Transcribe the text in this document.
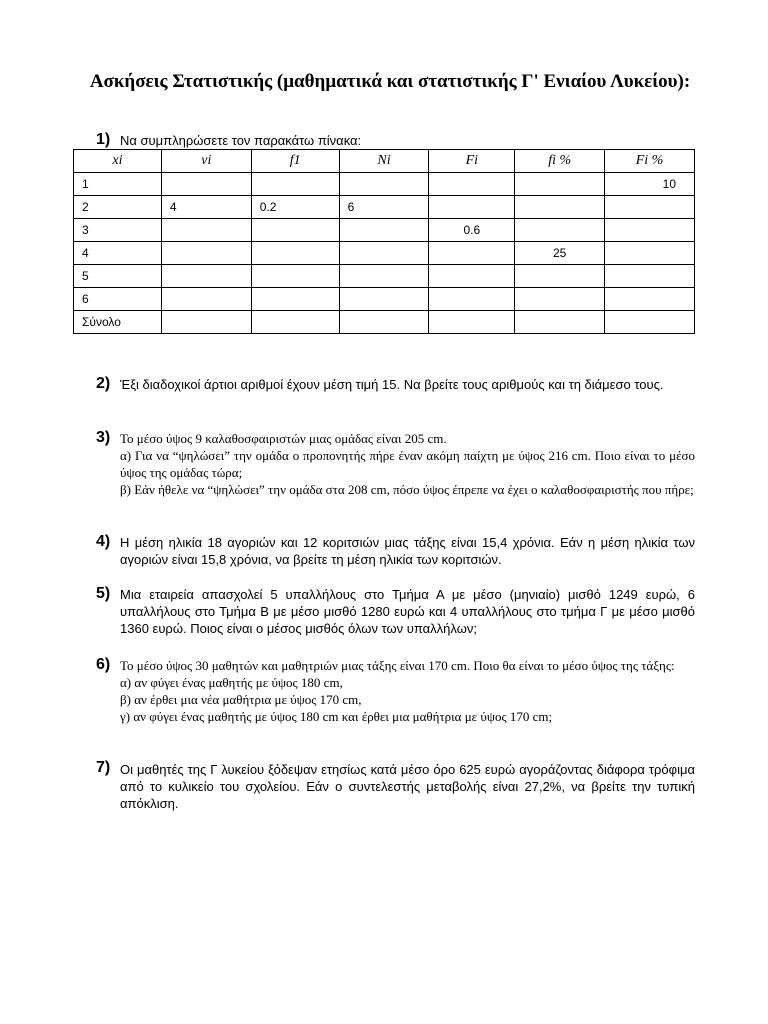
Ασκήσεις Στατιστικής (μαθηματικά και στατιστικής Γ' Ενιαίου Λυκείου):
1) Να συμπληρώσετε τον παρακάτω πίνακα:
xi	νi	f1	Ni	Fi	fi %	Fi %
1						10
2	4	0.2	6			
3				0.6		
4					25	
5						
6						
Σύνολο						
2) Έξι διαδοχικοί άρτιοι αριθμοί έχουν μέση τιμή 15. Να βρείτε τους αριθμούς και τη διάμεσο τους.

3) Το μέσο ύψος 9 καλαθοσφαιριστών μιας ομάδας είναι 205 cm.

α) Για να “ψηλώσει” την ομάδα ο προπονητής πήρε έναν ακόμη παίχτη με ύψος 216 cm. Ποιο είναι το μέσο ύψος της ομάδας τώρα;

β) Εάν ήθελε να “ψηλώσει” την ομάδα στα 208 cm, πόσο ύψος έπρεπε να έχει ο καλαθοσφαιριστής που πήρε;

4) Η μέση ηλικία 18 αγοριών και 12 κοριτσιών μιας τάξης είναι 15,4 χρόνια. Εάν η μέση ηλικία των αγοριών είναι 15,8 χρόνια, να βρείτε τη μέση ηλικία των κοριτσιών.

5) Μια εταιρεία απασχολεί 5 υπαλλήλους στο Τμήμα Α με μέσο (μηνιαίο) μισθό 1249 ευρώ, 6 υπαλλήλους στο Τμήμα Β με μέσο μισθό 1280 ευρώ και 4 υπαλλήλους στο τμήμα Γ με μέσο μισθό 1360 ευρώ. Ποιος είναι ο μέσος μισθός όλων των υπαλλήλων;

6) Το μέσο ύψος 30 μαθητών και μαθητριών μιας τάξης είναι 170 cm. Ποιο θα είναι το μέσο ύψος της τάξης:

α) αν φύγει ένας μαθητής με ύψος 180 cm,

β) αν έρθει μια νέα μαθήτρια με ύψος 170 cm,

γ) αν φύγει ένας μαθητής με ύψος 180 cm και έρθει μια μαθήτρια με ύψος 170 cm;

7) Οι μαθητές της Γ λυκείου ξόδεψαν ετησίως κατά μέσο όρο 625 ευρώ αγοράζοντας διάφορα τρόφιμα από το κυλικείο του σχολείου. Εάν ο συντελεστής μεταβολής είναι 27,2%, να βρείτε την τυπική απόκλιση.
